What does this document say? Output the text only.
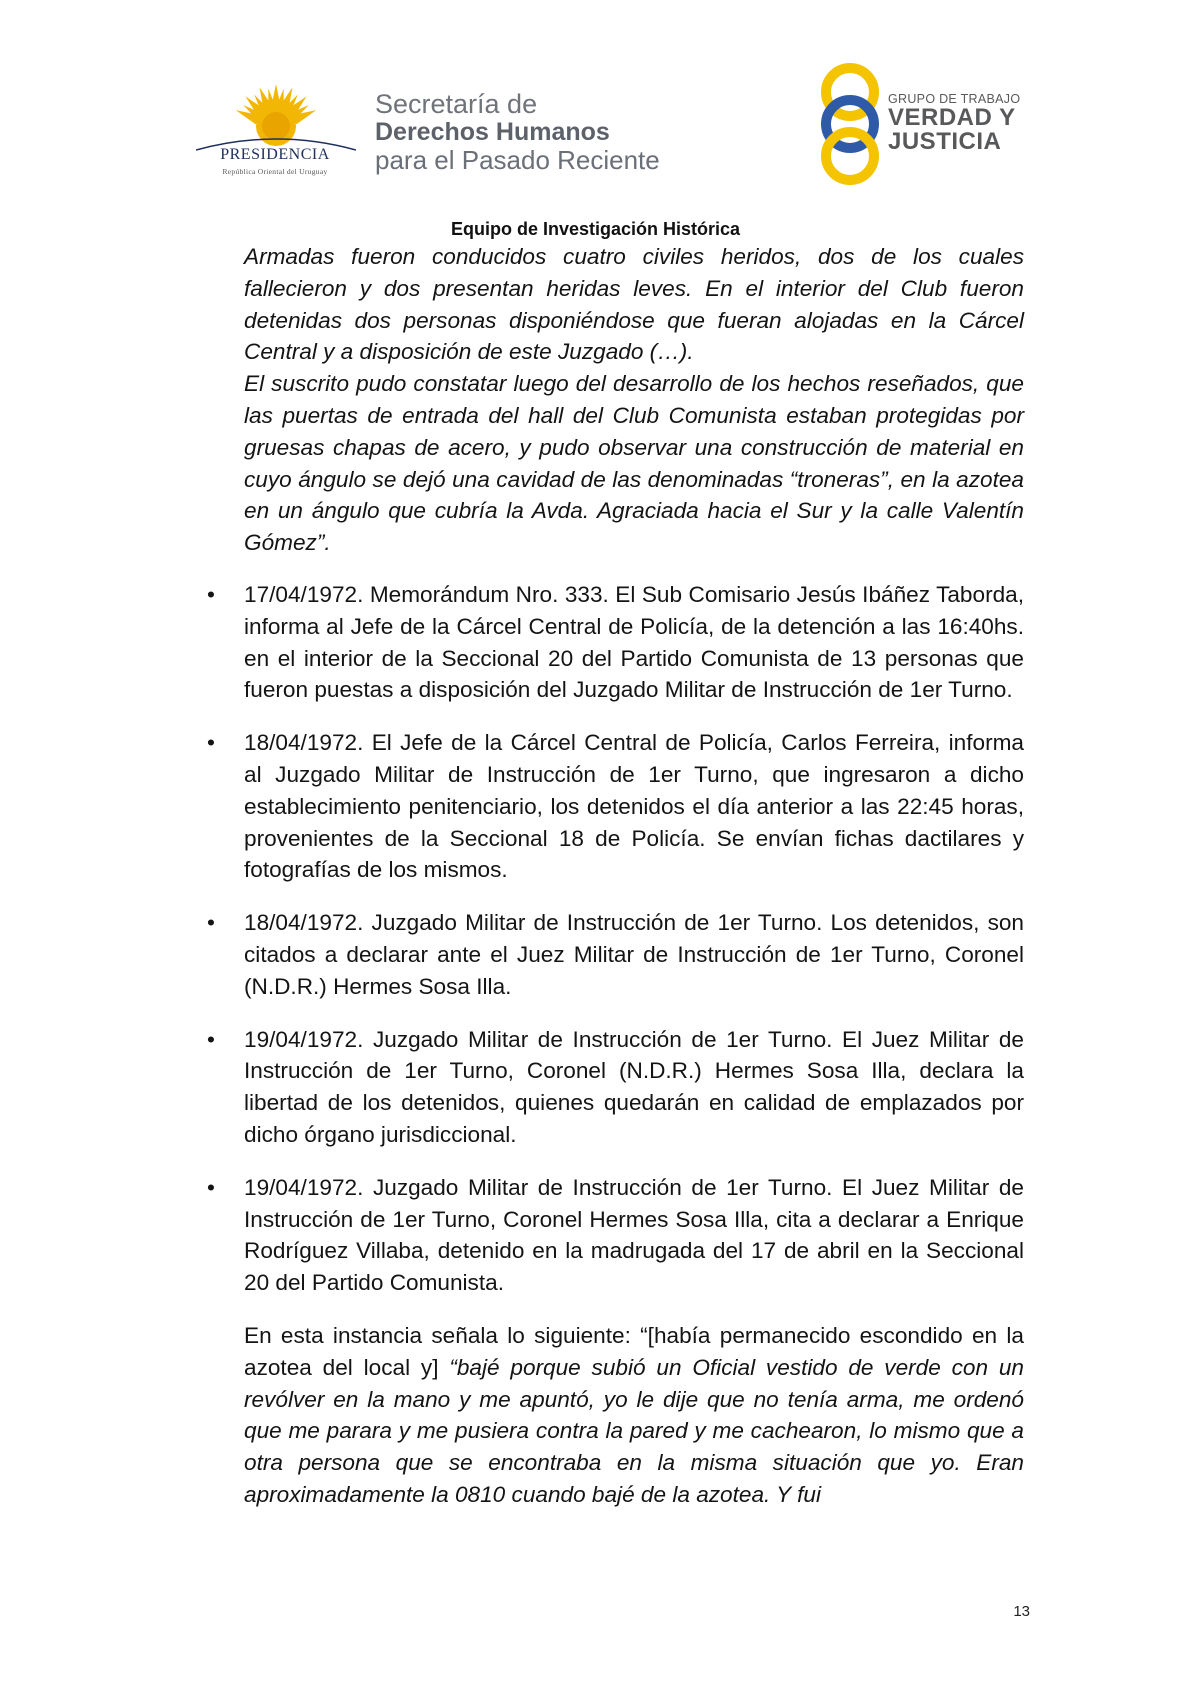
PRESIDENCIA
República Oriental del Uruguay
Secretaría de
Derechos Humanos
para el Pasado Reciente
GRUPO DE TRABAJO
VERDAD Y
JUSTICIA
Equipo de Investigación Histórica

Armadas fueron conducidos cuatro civiles heridos, dos de los cuales fallecieron y dos presentan heridas leves. En el interior del Club fueron detenidas dos personas disponiéndose que fueran alojadas en la Cárcel Central y a disposición de este Juzgado (…).

El suscrito pudo constatar luego del desarrollo de los hechos reseñados, que las puertas de entrada del hall del Club Comunista estaban protegidas por gruesas chapas de acero, y pudo observar una construcción de material en cuyo ángulo se dejó una cavidad de las denominadas “troneras”, en la azotea en un ángulo que cubría la Avda. Agraciada hacia el Sur y la calle Valentín Gómez”.

• 17/04/1972. Memorándum Nro. 333. El Sub Comisario Jesús Ibáñez Taborda, informa al Jefe de la Cárcel Central de Policía, de la detención a las 16:40hs. en el interior de la Seccional 20 del Partido Comunista de 13 personas que fueron puestas a disposición del Juzgado Militar de Instrucción de 1er Turno.
• 18/04/1972. El Jefe de la Cárcel Central de Policía, Carlos Ferreira, informa al Juzgado Militar de Instrucción de 1er Turno, que ingresaron a dicho establecimiento penitenciario, los detenidos el día anterior a las 22:45 horas, provenientes de la Seccional 18 de Policía. Se envían fichas dactilares y fotografías de los mismos.
• 18/04/1972. Juzgado Militar de Instrucción de 1er Turno. Los detenidos, son citados a declarar ante el Juez Militar de Instrucción de 1er Turno, Coronel (N.D.R.) Hermes Sosa Illa.
• 19/04/1972. Juzgado Militar de Instrucción de 1er Turno. El Juez Militar de Instrucción de 1er Turno, Coronel (N.D.R.) Hermes Sosa Illa, declara la libertad de los detenidos, quienes quedarán en calidad de emplazados por dicho órgano jurisdiccional.
• 19/04/1972. Juzgado Militar de Instrucción de 1er Turno. El Juez Militar de Instrucción de 1er Turno, Coronel Hermes Sosa Illa, cita a declarar a Enrique Rodríguez Villaba, detenido en la madrugada del 17 de abril en la Seccional 20 del Partido Comunista.

En esta instancia señala lo siguiente: “[había permanecido escondido en la azotea del local y] “bajé porque subió un Oficial vestido de verde con un revólver en la mano y me apuntó, yo le dije que no tenía arma, me ordenó que me parara y me pusiera contra la pared y me cachearon, lo mismo que a otra persona que se encontraba en la misma situación que yo. Eran aproximadamente la 0810 cuando bajé de la azotea. Y fui

13
